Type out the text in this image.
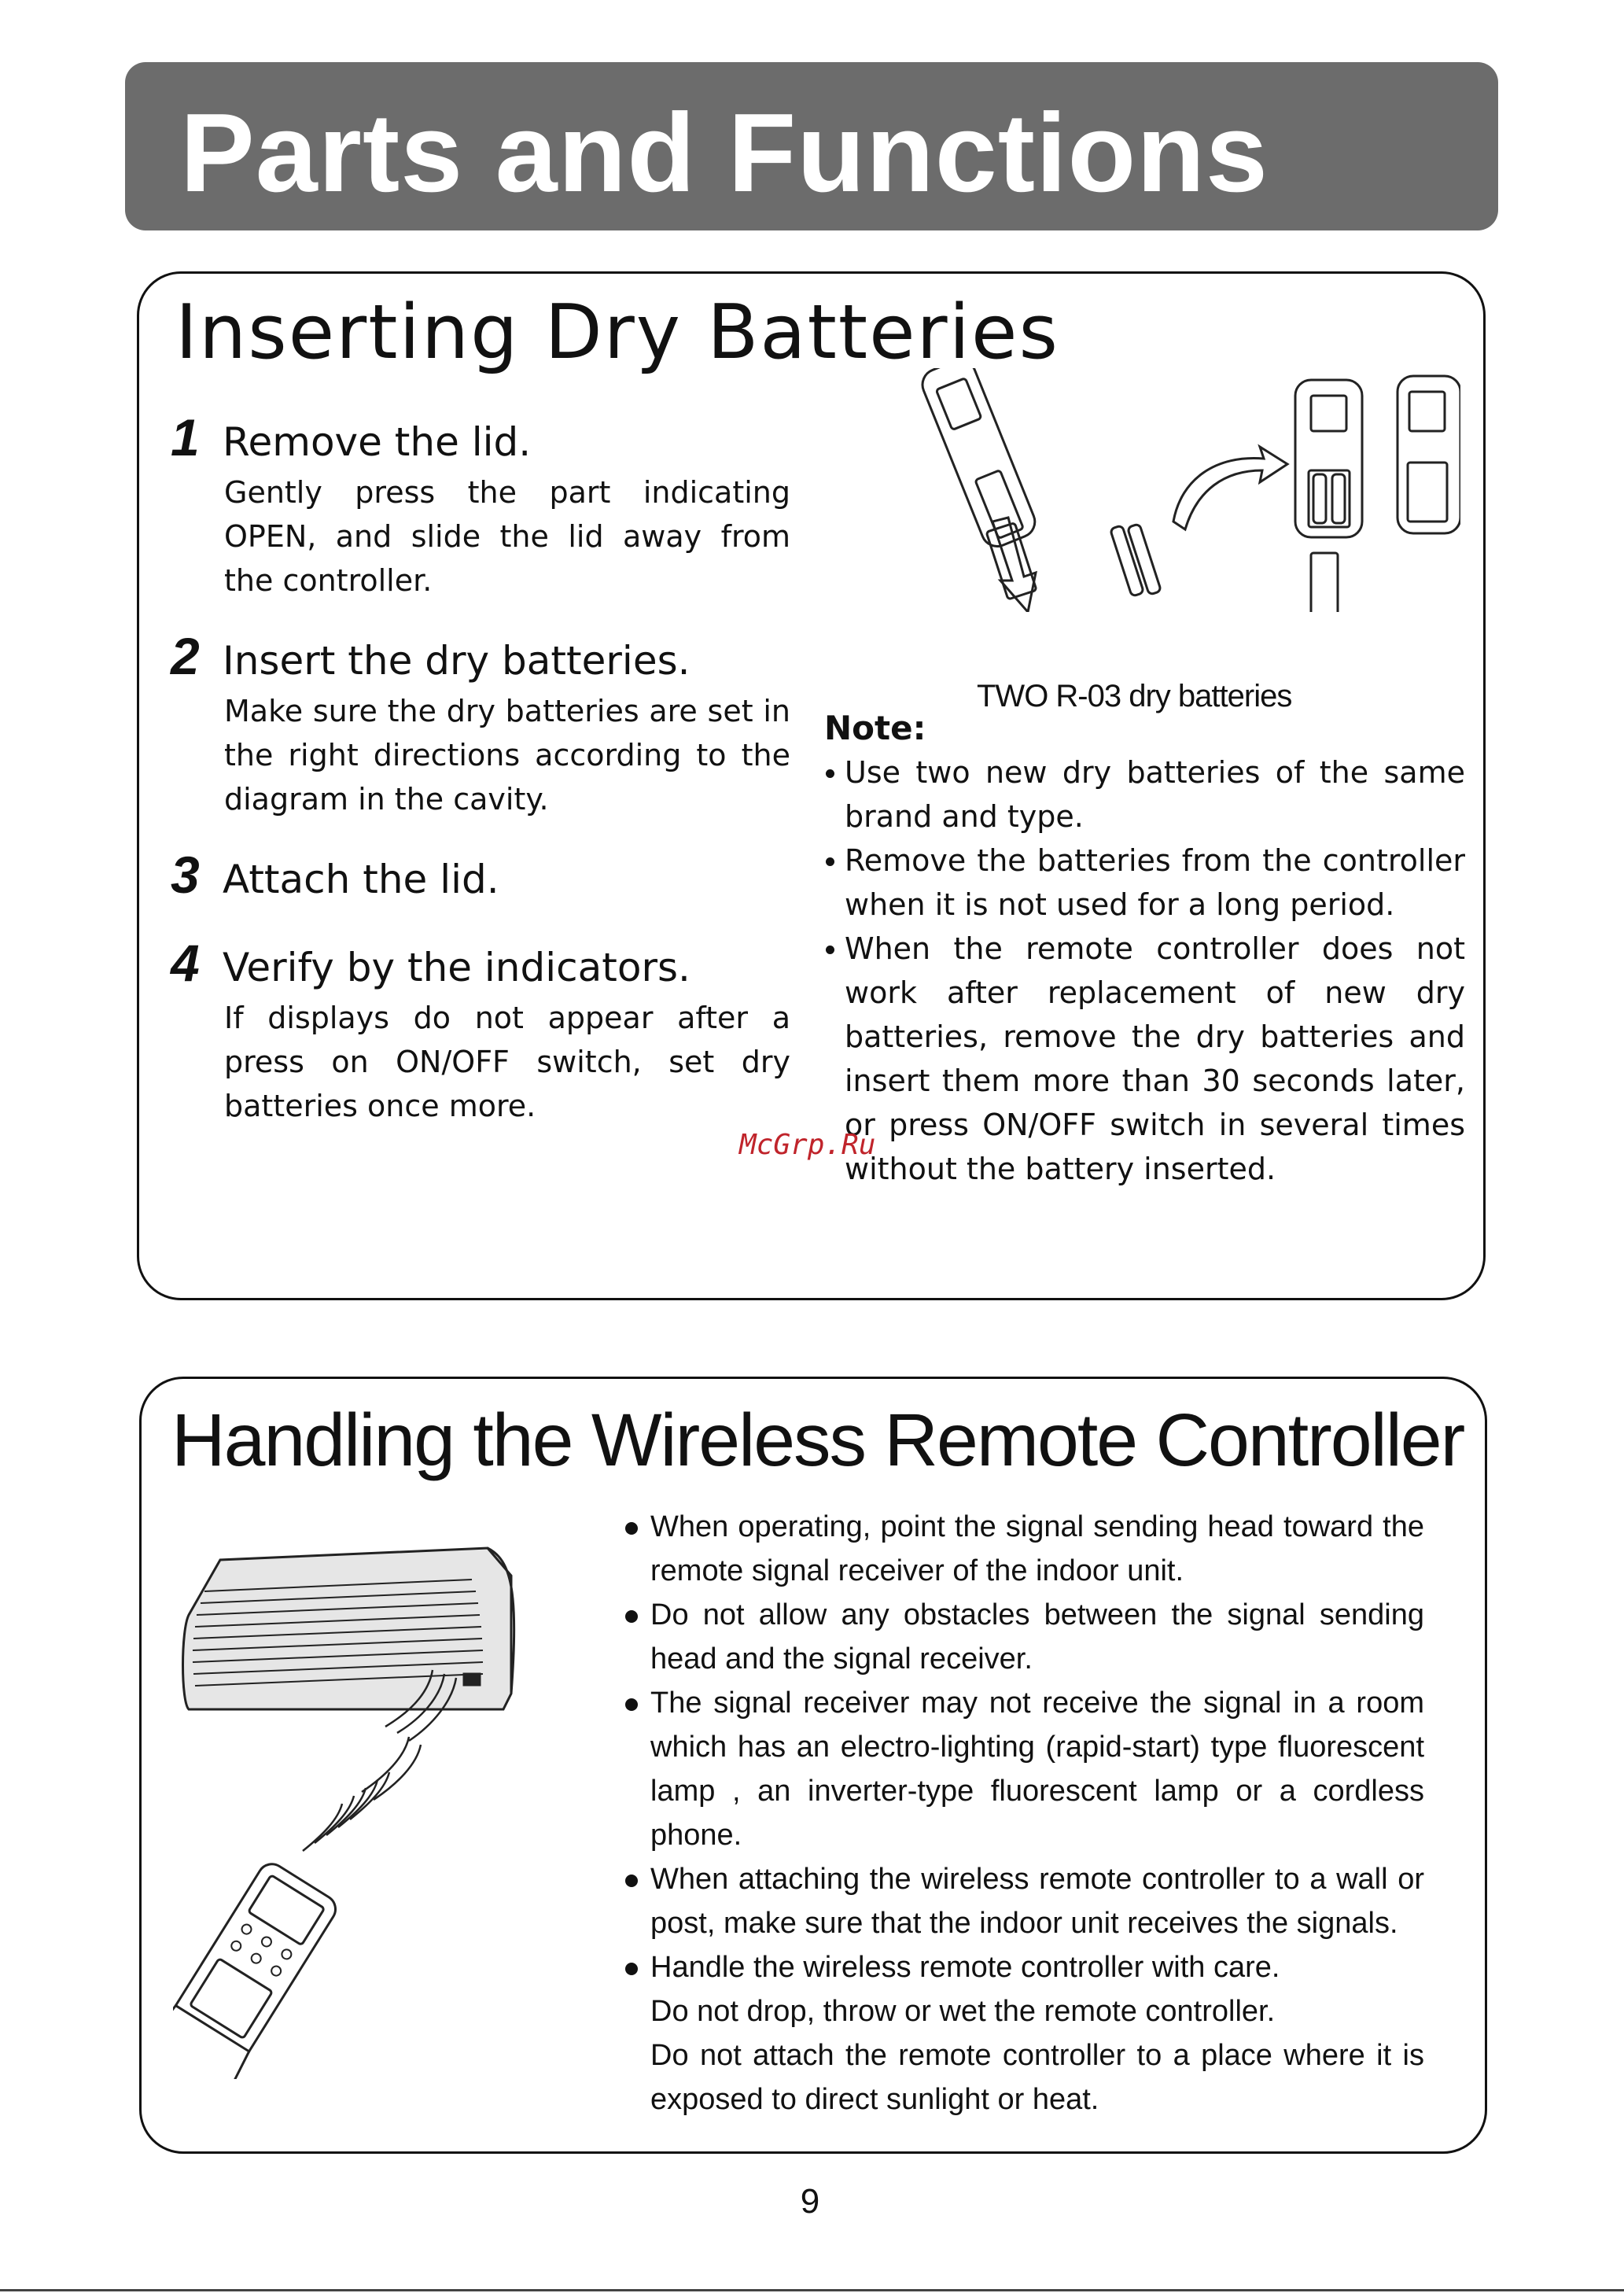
Parts and Functions
Inserting Dry Batteries
1 Remove the lid.
Gently press the part indicating OPEN, and slide the lid away from the controller.
2 Insert the dry batteries.
Make sure the dry batteries are set in the right directions according to the diagram in the cavity.
3 Attach the lid.
4 Verify by the indicators.
If displays do not appear after a press on ON/OFF switch, set dry batteries once more.
TWO R-03 dry batteries
Note:
Use two new dry batteries of the same brand and type.
Remove the batteries from the controller when it is not used for a long period.
When the remote controller does not work after replacement of new dry batteries, remove the dry batteries and insert them more than 30 seconds later, or press ON/OFF switch in several times without the battery inserted.
McGrp.Ru
Handling the Wireless Remote Controller
When operating, point the signal sending head toward the remote signal receiver of the indoor unit.
Do not allow any obstacles between the signal sending head and the signal receiver.
The signal receiver may not receive the signal in a room which has an electro-lighting (rapid-start) type fluorescent lamp , an inverter-type fluorescent lamp or a cordless phone.
When attaching the wireless remote controller to a wall or post, make sure that the indoor unit receives the signals.
Handle the wireless remote controller with care.
Do not drop, throw or wet the remote controller.
Do not attach the remote controller to a place where it is exposed to direct sunlight or heat.
9
